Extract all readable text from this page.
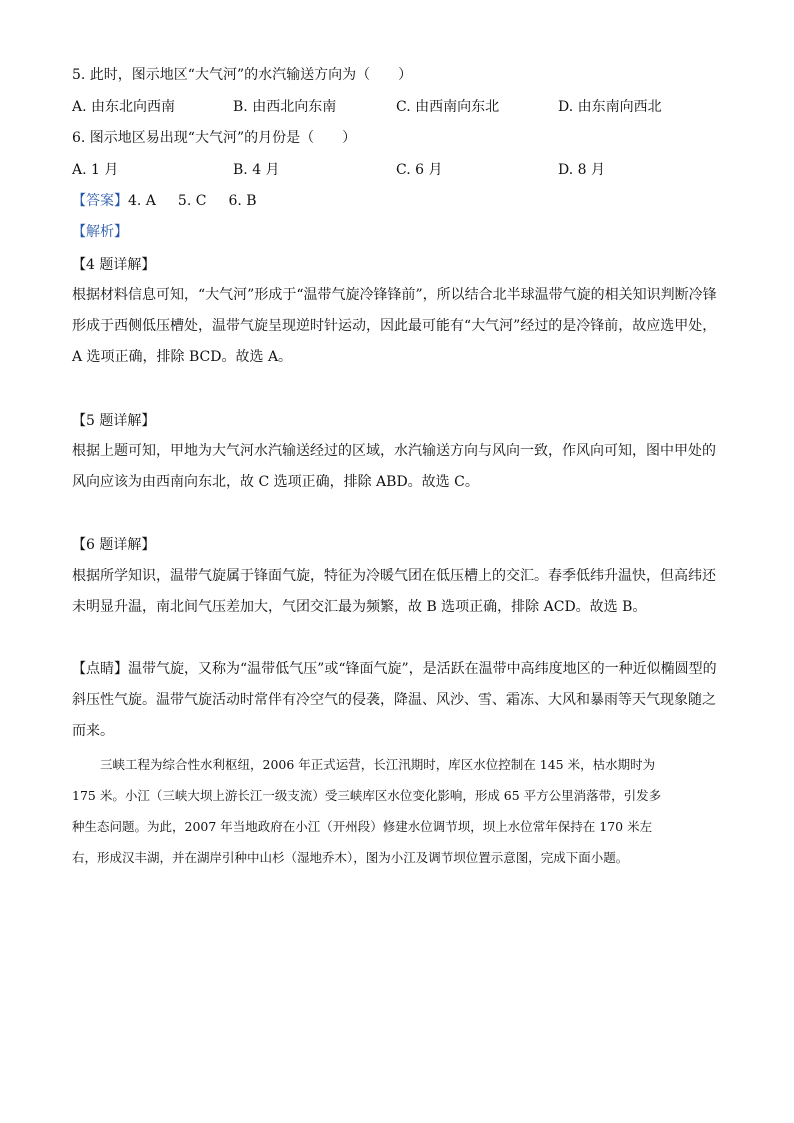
5. 此时，图示地区“大气河”的水汽输送方向为（　　）
A. 由东北向西南	B. 由西北向东南	C. 由西南向东北	D. 由东南向西北
6. 图示地区易出现“大气河”的月份是（　　）
A. 1 月	B. 4 月	C. 6 月	D. 8 月
【答案】4. A 5. C 6. B
【解析】
【4 题详解】
根据材料信息可知，“大气河”形成于“温带气旋冷锋锋前”，所以结合北半球温带气旋的相关知识判断冷锋
形成于西侧低压槽处，温带气旋呈现逆时针运动，因此最可能有“大气河”经过的是冷锋前，故应选甲处，
A 选项正确，排除 BCD。故选 A。
【5 题详解】
根据上题可知，甲地为大气河水汽输送经过的区域，水汽输送方向与风向一致，作风向可知，图中甲处的
风向应该为由西南向东北，故 C 选项正确，排除 ABD。故选 C。
【6 题详解】
根据所学知识，温带气旋属于锋面气旋，特征为冷暖气团在低压槽上的交汇。春季低纬升温快，但高纬还
未明显升温，南北间气压差加大，气团交汇最为频繁，故 B 选项正确，排除 ACD。故选 B。
【点睛】温带气旋，又称为“温带低气压”或“锋面气旋”，是活跃在温带中高纬度地区的一种近似椭圆型的
斜压性气旋。温带气旋活动时常伴有冷空气的侵袭，降温、风沙、雪、霜冻、大风和暴雨等天气现象随之
而来。
三峡工程为综合性水利枢纽，2006 年正式运营，长江汛期时，库区水位控制在 145 米，枯水期时为
175 米。小江（三峡大坝上游长江一级支流）受三峡库区水位变化影响，形成 65 平方公里消落带，引发多
种生态问题。为此，2007 年当地政府在小江（开州段）修建水位调节坝，坝上水位常年保持在 170 米左
右，形成汉丰湖，并在湖岸引种中山杉（湿地乔木），图为小江及调节坝位置示意图，完成下面小题。
